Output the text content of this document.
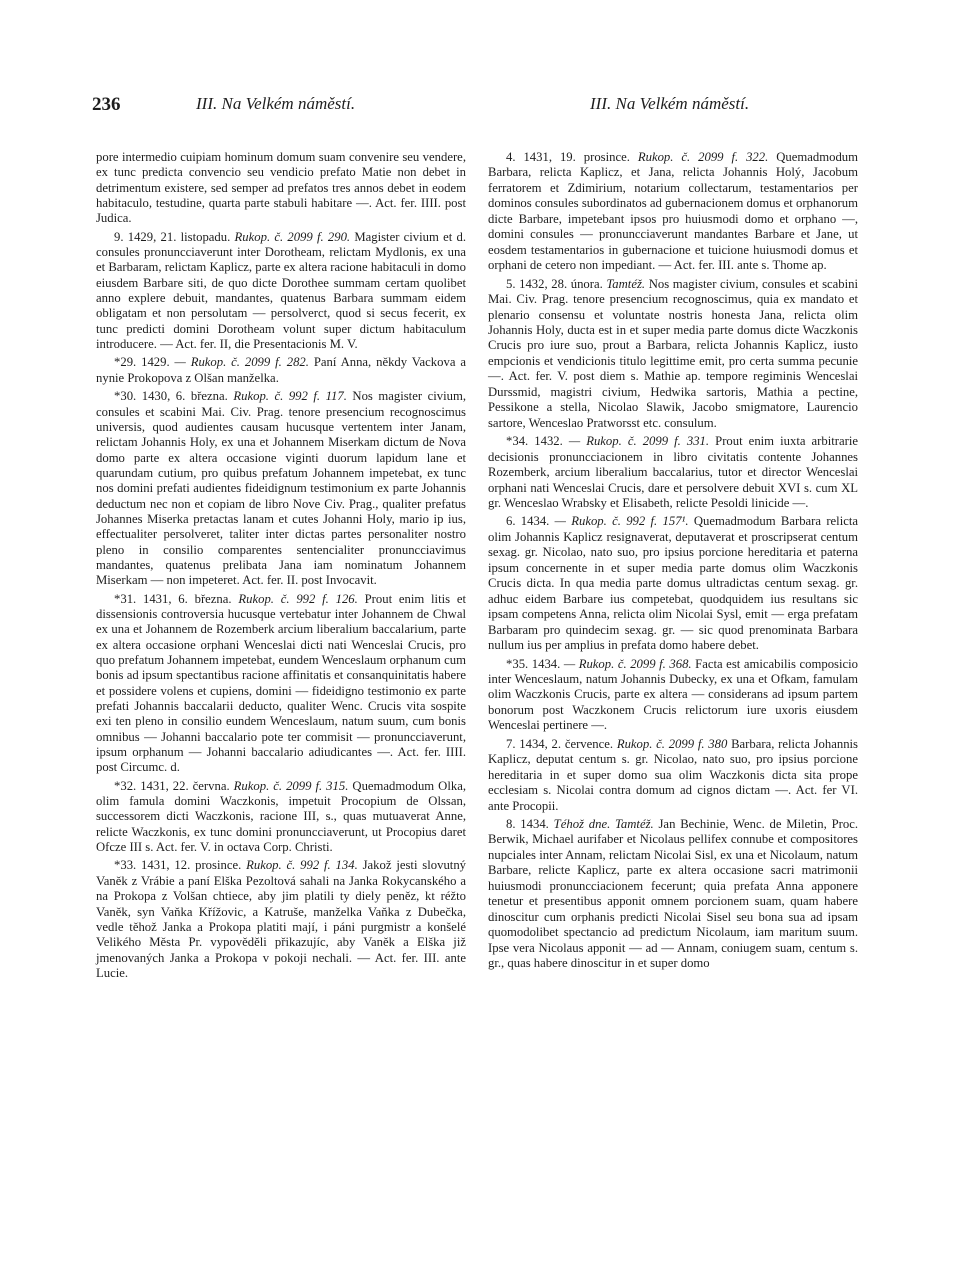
236	III. Na Velkém náměstí.	III. Na Velkém náměstí.

pore intermedio cuipiam hominum domum suam convenire seu vendere, ex tunc predicta convencio seu vendicio prefato Matie non debet in detrimentum existere, sed semper ad prefatos tres annos debet in eodem habitaculo, testudine, quarta parte stabuli habitare —. Act. fer. IIII. post Judica.

9. 1429, 21. listopadu. Rukop. č. 2099 f. 290. Magister civium et d. consules pronuncciaverunt inter Dorotheam, relictam Mydlonis, ex una et Barbaram, relictam Kaplicz, parte ex altera racione habitaculi in domo eiusdem Barbare siti, de quo dicte Dorothee summam certam quolibet anno explere debuit, mandantes, quatenus Barbara summam eidem obligatam et non persolutam — persolverct, quod si secus fecerit, ex tunc predicti domini Dorotheam volunt super dictum habitaculum introducere. — Act. fer. II, die Presentacionis M. V.

*29. 1429. — Rukop. č. 2099 f. 282. Paní Anna, někdy Vackova a nynie Prokopova z Olšan manželka.

*30. 1430, 6. března. Rukop. č. 992 f. 117. Nos magister civium, consules et scabini Mai. Civ. Prag. tenore presencium recognoscimus universis, quod audientes causam hucusque vertentem inter Janam, relictam Johannis Holy, ex una et Johannem Miserkam dictum de Nova domo parte ex altera occasione viginti duorum lapidum lane et quarundam cutium, pro quibus prefatum Johannem impetebat, ex tunc nos domini prefati audientes fideidignum testimonium ex parte Johannis deductum nec non et copiam de libro Nove Civ. Prag., qualiter prefatus Johannes Miserka pretactas lanam et cutes Johanni Holy, mario ip ius, effectualiter persolveret, taliter inter dictas partes personaliter nostro pleno in consilio comparentes sentencialiter pronuncciavimus mandantes, quatenus prelibata Jana iam nominatum Johannem Miserkam — non impeteret. Act. fer. II. post Invocavit.

*31. 1431, 6. března. Rukop. č. 992 f. 126. Prout enim litis et dissensionis controversia hucusque vertebatur inter Johannem de Chwal ex una et Johannem de Rozemberk arcium liberalium baccalarium, parte ex altera occasione orphani Wenceslai dicti nati Wenceslai Crucis, pro quo prefatum Johannem impetebat, eundem Wenceslaum orphanum cum bonis ad ipsum spectantibus racione affinitatis et consanquinitatis habere et possidere volens et cupiens, domini — fideidigno testimonio ex parte prefati Johannis baccalarii deducto, qualiter Wenc. Crucis vita sospite exi ten pleno in consilio eundem Wenceslaum, natum suum, cum bonis omnibus — Johanni baccalario pote ter commisit — pronuncciaverunt, ipsum orphanum — Johanni baccalario adiudicantes —. Act. fer. IIII. post Circumc. d.

*32. 1431, 22. června. Rukop. č. 2099 f. 315. Quemadmodum Olka, olim famula domini Waczkonis, impetuit Procopium de Olssan, successorem dicti Waczkonis, racione III, s., quas mutuaverat Anne, relicte Waczkonis, ex tunc domini pronuncciaverunt, ut Procopius daret Ofcze III s. Act. fer. V. in octava Corp. Christi.

*33. 1431, 12. prosince. Rukop. č. 992 f. 134. Jakož jesti slovutný Vaněk z Vrábie a paní Elška Pezoltová sahali na Janka Rokycanského a na Prokopa z Volšan chtiece, aby jim platili ty diely peněz, kt réžto Vaněk, syn Vaňka Křížovic, a Katruše, manželka Vaňka z Dubečka, vedle těhož Janka a Prokopa platiti mají, i páni purgmistr a konšelé Velikého Města Pr. vypověděli přikazujíc, aby Vaněk a Elška již jmenovaných Janka a Prokopa v pokoji nechali. — Act. fer. III. ante Lucie.

4. 1431, 19. prosince. Rukop. č. 2099 f. 322. Quemadmodum Barbara, relicta Kaplicz, et Jana, relicta Johannis Holý, Jacobum ferratorem et Zdimirium, notarium collectarum, testamentarios per dominos consules subordinatos ad gubernacionem domus et orphanorum dicte Barbare, impetebant ipsos pro huiusmodi domo et orphano —, domini consules — pronuncciaverunt mandantes Barbare et Jane, ut eosdem testamentarios in gubernacione et tuicione huiusmodi domus et orphani de cetero non impediant. — Act. fer. III. ante s. Thome ap.

5. 1432, 28. února. Tamtéž. Nos magister civium, consules et scabini Mai. Civ. Prag. tenore presencium recognoscimus, quia ex mandato et plenario consensu et voluntate nostris honesta Jana, relicta olim Johannis Holy, ducta est in et super media parte domus dicte Waczkonis Crucis pro iure suo, prout a Barbara, relicta Johannis Kaplicz, iusto empcionis et vendicionis titulo legittime emit, pro certa summa pecunie —. Act. fer. V. post diem s. Mathie ap. tempore regiminis Wenceslai Durssmid, magistri civium, Hedwika sartoris, Mathia a pectine, Pessikone a stella, Nicolao Slawik, Jacobo smigmatore, Laurencio sartore, Wenceslao Pratworsst etc. consulum.

*34. 1432. — Rukop. č. 2099 f. 331. Prout enim iuxta arbitrarie decisionis pronuncciacionem in libro civitatis contente Johannes Rozemberk, arcium liberalium baccalarius, tutor et director Wenceslai orphani nati Wenceslai Crucis, dare et persolvere debuit XVI s. cum XL gr. Wenceslao Wrabsky et Elisabeth, relicte Pesoldi linicide —.

6. 1434. — Rukop. č. 992 f. 157¹. Quemadmodum Barbara relicta olim Johannis Kaplicz resignaverat, deputaverat et proscripserat centum sexag. gr. Nicolao, nato suo, pro ipsius porcione hereditaria et paterna ipsum concernente in et super media parte domus olim Waczkonis Crucis dicta. In qua media parte domus ultradictas centum sexag. gr. adhuc eidem Barbare ius competebat, quodquidem ius resultans sic ipsam competens Anna, relicta olim Nicolai Sysl, emit — erga prefatam Barbaram pro quindecim sexag. gr. — sic quod prenominata Barbara nullum ius per amplius in prefata domo habere debet.

*35. 1434. — Rukop. č. 2099 f. 368. Facta est amicabilis composicio inter Wenceslaum, natum Johannis Dubecky, ex una et Ofkam, famulam olim Waczkonis Crucis, parte ex altera — considerans ad ipsum partem bonorum post Waczkonem Crucis relictorum iure uxoris eiusdem Wenceslai pertinere —.

7. 1434, 2. července. Rukop. č. 2099 f. 380 Barbara, relicta Johannis Kaplicz, deputat centum s. gr. Nicolao, nato suo, pro ipsius porcione hereditaria in et super domo sua olim Waczkonis dicta sita prope ecclesiam s. Nicolai contra domum ad cignos dictam —. Act. fer VI. ante Procopii.

8. 1434. Téhož dne. Tamtéž. Jan Bechinie, Wenc. de Miletin, Proc. Berwik, Michael aurifaber et Nicolaus pellifex connube et compositores nupciales inter Annam, relictam Nicolai Sisl, ex una et Nicolaum, natum Barbare, relicte Kaplicz, parte ex altera occasione sacri matrimonii huiusmodi pronuncciacionem fecerunt; quia prefata Anna apponere tenetur et presentibus apponit omnem porcionem suam, quam habere dinoscitur cum orphanis predicti Nicolai Sisel seu bona sua ad ipsam quomodolibet spectancio ad predictum Nicolaum, iam maritum suum. Ipse vera Nicolaus apponit — ad — Annam, coniugem suam, centum s. gr., quas habere dinoscitur in et super domo
